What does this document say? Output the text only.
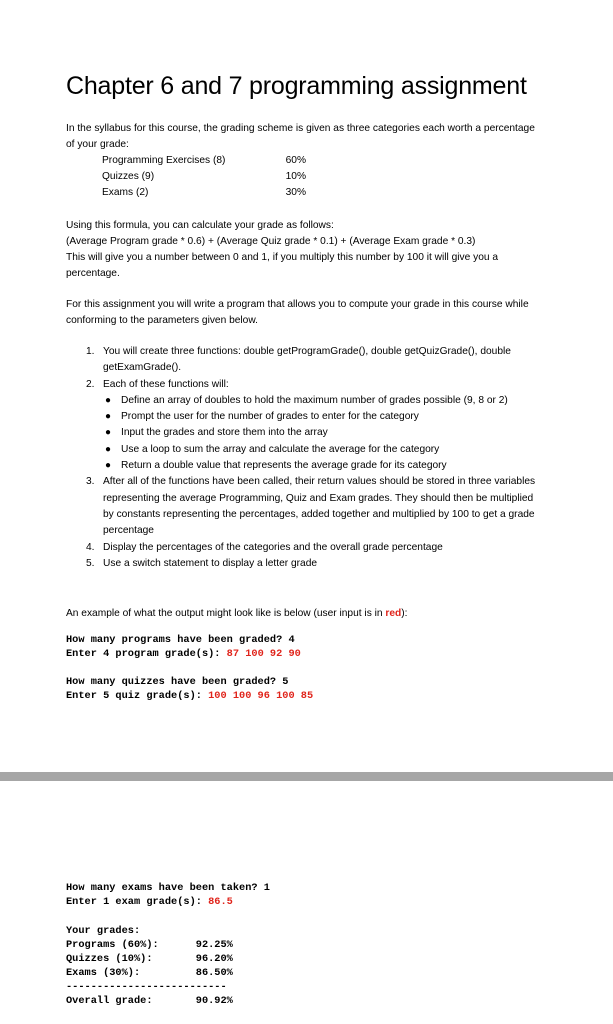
Chapter 6 and 7 programming assignment

In the syllabus for this course, the grading scheme is given as three categories each worth a percentage of your grade:

Programming Exercises (8)	60%
Quizzes (9)	10%
Exams (2)	30%
Using this formula, you can calculate your grade as follows:
(Average Program grade * 0.6) + (Average Quiz grade * 0.1) + (Average Exam grade * 0.3)
This will give you a number between 0 and 1, if you multiply this number by 100 it will give you a percentage.

For this assignment you will write a program that allows you to compute your grade in this course while conforming to the parameters given below.

1. You will create three functions: double getProgramGrade(), double getQuizGrade(), double getExamGrade().
2. Each of these functions will:
● Define an array of doubles to hold the maximum number of grades possible (9, 8 or 2)
● Prompt the user for the number of grades to enter for the category
● Input the grades and store them into the array
● Use a loop to sum the array and calculate the average for the category
● Return a double value that represents the average grade for its category
3. After all of the functions have been called, their return values should be stored in three variables representing the average Programming, Quiz and Exam grades. They should then be multiplied by constants representing the percentages, added together and multiplied by 100 to get a grade percentage
4. Display the percentages of the categories and the overall grade percentage
5. Use a switch statement to display a letter grade

An example of what the output might look like is below (user input is in red):

How many programs have been graded? 4
Enter 4 program grade(s): 87 100 92 90
How many quizzes have been graded? 5
Enter 5 quiz grade(s): 100 100 96 100 85
How many exams have been taken? 1
Enter 1 exam grade(s): 86.5
Your grades:
Programs (60%):      92.25%
Quizzes (10%):       96.20%
Exams (30%):         86.50%
--------------------------
Overall grade:       90.92%
